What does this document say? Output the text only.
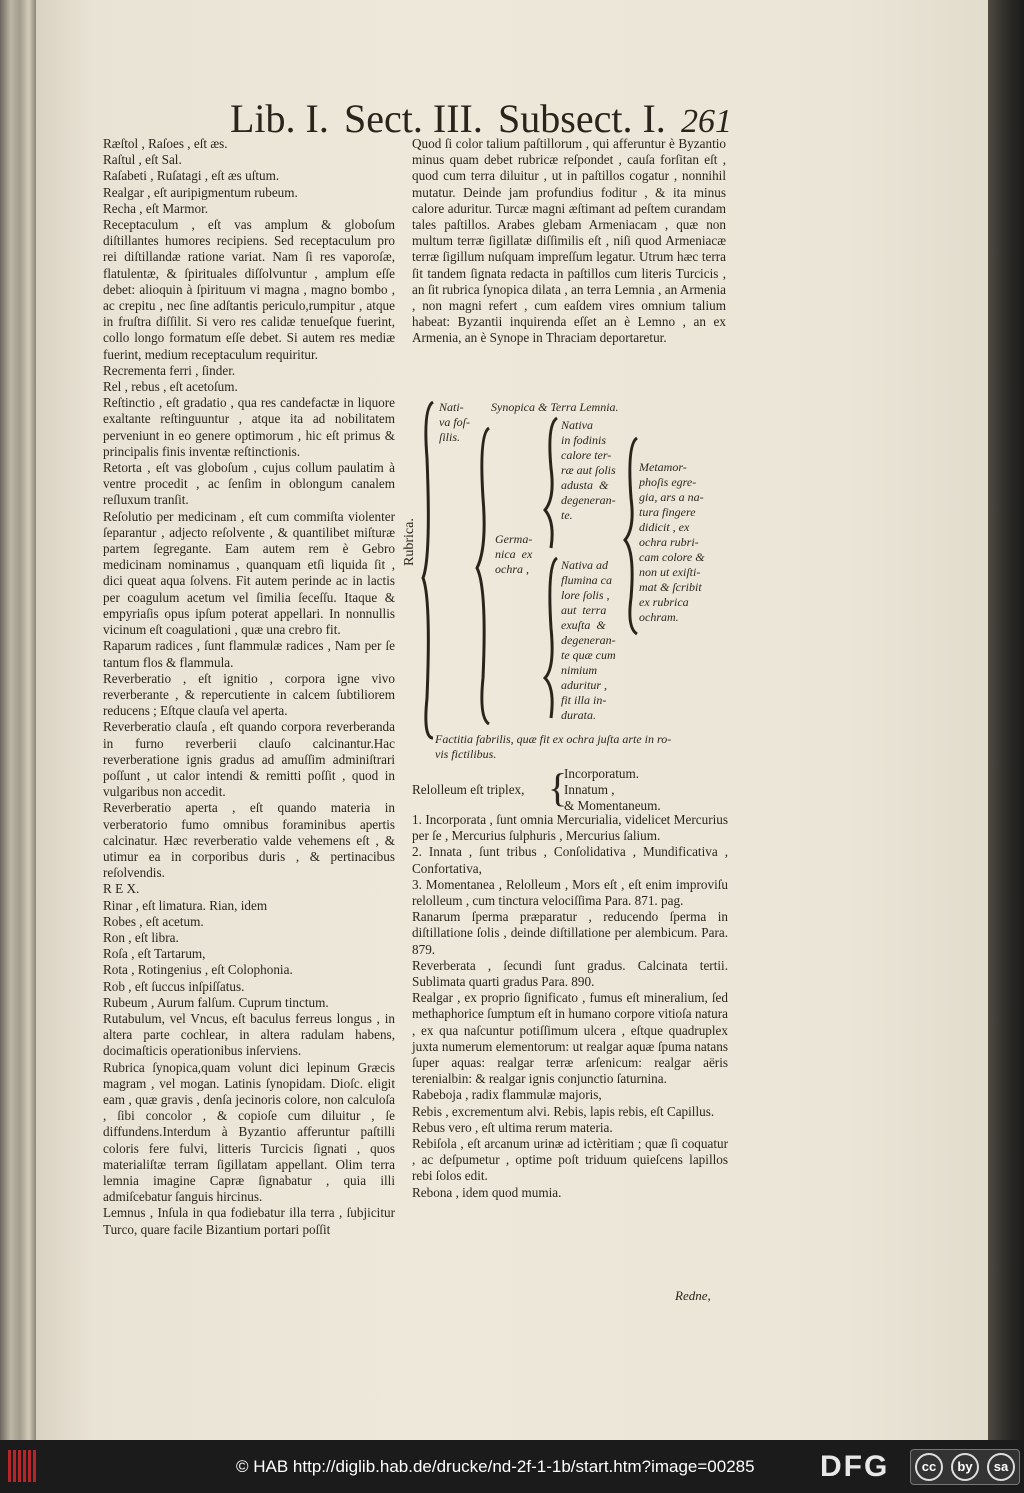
Lib. I. Sect. III. Subsect. I. 261

Ræſtol , Raſoes , eſt æs.

Raſtul , eſt Sal.

Raſabeti , Ruſatagi , eſt æs uſtum.

Realgar , eſt auripigmentum rubeum.

Recha , eſt Marmor.

Receptaculum , eſt vas amplum & globoſum diſtillantes humores recipiens. Sed receptaculum pro rei diſtillandæ ratione variat. Nam ſi res vaporoſæ, flatulentæ, & ſpirituales diſſolvuntur , amplum eſſe debet: alioquin à ſpirituum vi magna , magno bombo , ac crepitu , nec ſine adſtantis periculo,rumpitur , atque in fruſtra diſſilit. Si vero res calidæ tenueſque fuerint, collo longo formatum eſſe debet. Si autem res mediæ fuerint, medium receptaculum requiritur.

Recrementa ferri , ſinder.

Rel , rebus , eſt acetoſum.

Reſtinctio , eſt gradatio , qua res candefactæ in liquore exaltante reſtinguuntur , atque ita ad nobilitatem perveniunt in eo genere optimorum , hic eſt primus & principalis finis inventæ reſtinctionis.

Retorta , eſt vas globoſum , cujus collum paulatim à ventre procedit , ac ſenſim in oblongum canalem reſluxum tranſit.

Reſolutio per medicinam , eſt cum commiſta violenter ſeparantur , adjecto reſolvente , & quantilibet miſturæ partem ſegregante. Eam autem rem è Gebro medicinam nominamus , quanquam etſi liquida ſit , dici queat aqua ſolvens. Fit autem perinde ac in lactis per coagulum acetum vel ſimilia ſeceſſu. Itaque & empyriaſis opus ipſum poterat appellari. In nonnullis vicinum eſt coagulationi , quæ una crebro fit.

Raparum radices , ſunt flammulæ radices , Nam per ſe tantum flos & flammula.

Reverberatio , eſt ignitio , corpora igne vivo reverberante , & repercutiente in calcem ſubtiliorem reducens ; Eſtque clauſa vel aperta.

Reverberatio clauſa , eſt quando corpora reverberanda in furno reverberii clauſo calcinantur.Hac reverberatione ignis gradus ad amuſſim adminiſtrari poſſunt , ut calor intendi & remitti poſſit , quod in vulgaribus non accedit.

Reverberatio aperta , eſt quando materia in verberatorio fumo omnibus foraminibus apertis calcinatur. Hæc reverberatio valde vehemens eſt , & utimur ea in corporibus duris , & pertinacibus reſolvendis.

R E X.

Rinar , eſt limatura. Rian, idem

Robes , eſt acetum.

Ron , eſt libra.

Roſa , eſt Tartarum,

Rota , Rotingenius , eſt Colophonia.

Rob , eſt ſuccus inſpiſſatus.

Rubeum , Aurum falſum. Cuprum tinctum.

Rutabulum, vel Vncus, eſt baculus ferreus longus , in altera parte cochlear, in altera radulam habens, docimaſticis operationibus inſerviens.

Rubrica ſynopica,quam volunt dici lepinum Græcis magram , vel mogan. Latinis ſynopidam. Dioſc. eligit eam , quæ gravis , denſa jecinoris colore, non calculoſa , ſibi concolor , & copioſe cum diluitur , ſe diffundens.Interdum à Byzantio afferuntur paſtilli coloris fere fulvi, litteris Turcicis ſignati , quos materialiſtæ terram ſigillatam appellant. Olim terra lemnia imagine Capræ ſignabatur , quia illi admiſcebatur ſanguis hircinus.

Lemnus , Inſula in qua fodiebatur illa terra , ſubjicitur Turco, quare facile Bizantium portari poſſit

Quod ſi color talium paſtillorum , qui afferuntur è Byzantio minus quam debet rubricæ reſpondet , cauſa forſitan eſt , quod cum terra diluitur , ut in paſtillos cogatur , nonnihil mutatur. Deinde jam profundius foditur , & ita minus calore aduritur. Turcæ magni æſtimant ad peſtem curandam tales paſtillos. Arabes glebam Armeniacam , quæ non multum terræ ſigillatæ diſſimilis eſt , niſi quod Armeniacæ terræ ſigillum nuſquam impreſſum legatur. Utrum hæc terra ſit tandem ſignata redacta in paſtillos cum literis Turcicis , an ſit rubrica ſynopica dilata , an terra Lemnia , an Armenia , non magni refert , cum eaſdem vires omnium talium habeat: Byzantii inquirenda eſſet an è Lemno , an ex Armenia, an è Synope in Thraciam deportaretur.

Nati-
va foſ-
ſilis.
Synopica & Terra Lemnia.
Germa-
nica  ex
ochra ,
Nativa
in fodinis
calore ter-
ræ aut ſolis
adusta  &
degeneran-
te.
Nativa ad
flumina ca
lore ſolis ,
aut  terra
exuſta  &
degeneran-
te quæ cum
nimium
aduritur ,
fit illa in-
durata.
Metamor-
phoſis egre-
gia, ars a na-
tura fingere
didicit , ex
ochra rubri-
cam colore &
non ut exiſti-
mat & ſcribit
ex rubrica
ochram.
Factitia fabrilis, quæ fit ex ochra juſta arte in ro-
vis fictilibus.
Rubrica.
Relolleum eſt triplex, {
Incorporatum.
Innatum ,
& Momentaneum.

1. Incorporata , ſunt omnia Mercurialia, videlicet Mercurius per ſe , Mercurius ſulphuris , Mercurius ſalium.

2. Innata , ſunt tribus , Conſolidativa , Mundificativa , Confortativa,

3. Momentanea , Relolleum , Mors eſt , eſt enim improviſu relolleum , cum tinctura velociſſima Para. 871. pag.

Ranarum ſperma præparatur , reducendo ſperma in diſtillatione ſolis , deinde diſtillatione per alembicum. Para. 879.

Reverberata , ſecundi ſunt gradus. Calcinata tertii. Sublimata quarti gradus Para. 890.

Realgar , ex proprio ſignificato , fumus eſt mineralium, ſed methaphorice ſumptum eſt in humano corpore vitioſa natura , ex qua naſcuntur potiſſimum ulcera , eſtque quadruplex juxta numerum elementorum: ut realgar aquæ ſpuma natans ſuper aquas: realgar terræ arſenicum: realgar aëris terenialbin: & realgar ignis conjunctio ſaturnina.

Rabeboja , radix flammulæ majoris,

Rebis , excrementum alvi. Rebis, lapis rebis, eſt Capillus.

Rebus vero , eſt ultima rerum materia.

Rebiſola , eſt arcanum urinæ ad ictèritiam ; quæ ſi coquatur , ac deſpumetur , optime poſt triduum quieſcens lapillos rebi ſolos edit.

Rebona , idem quod mumia.

Redne,
© HAB http://diglib.hab.de/drucke/nd-2f-1-1b/start.htm?image=00285 DFG	cc	by	sa
